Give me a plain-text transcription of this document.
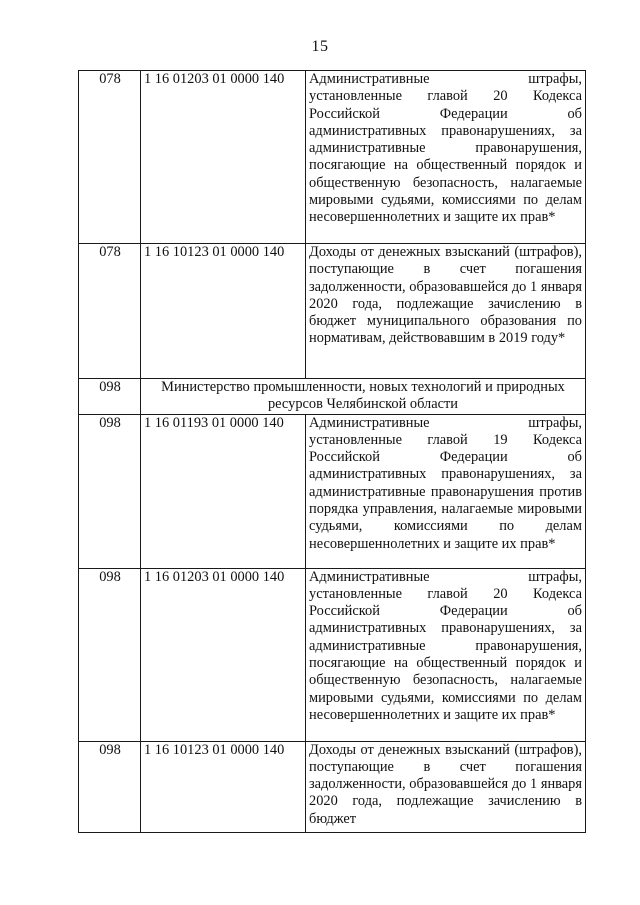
15
078	1 16 01203 01 0000 140	Административные штрафы, установленные главой 20 Кодекса Российской Федерации об административных правонарушениях, за административные правонарушения, посягающие на общественный порядок и общественную безопасность, налагаемые мировыми судьями, комиссиями по делам несовершеннолетних и защите их прав*
078	1 16 10123 01 0000 140	Доходы от денежных взысканий (штрафов), поступающие в счет погашения задолженности, образовавшейся до 1 января 2020 года, подлежащие зачислению в бюджет муниципального образования по нормативам, действовавшим в 2019 году*
098	Министерство промышленности, новых технологий и природных ресурсов Челябинской области	
098	1 16 01193 01 0000 140	Административные штрафы, установленные главой 19 Кодекса Российской Федерации об административных правонарушениях, за административные правонарушения против порядка управления, налагаемые мировыми судьями, комиссиями по делам несовершеннолетних и защите их прав*
098	1 16 01203 01 0000 140	Административные штрафы, установленные главой 20 Кодекса Российской Федерации об административных правонарушениях, за административные правонарушения, посягающие на общественный порядок и общественную безопасность, налагаемые мировыми судьями, комиссиями по делам несовершеннолетних и защите их прав*
098	1 16 10123 01 0000 140	Доходы от денежных взысканий (штрафов), поступающие в счет погашения задолженности, образовавшейся до 1 января 2020 года, подлежащие зачислению в бюджет
